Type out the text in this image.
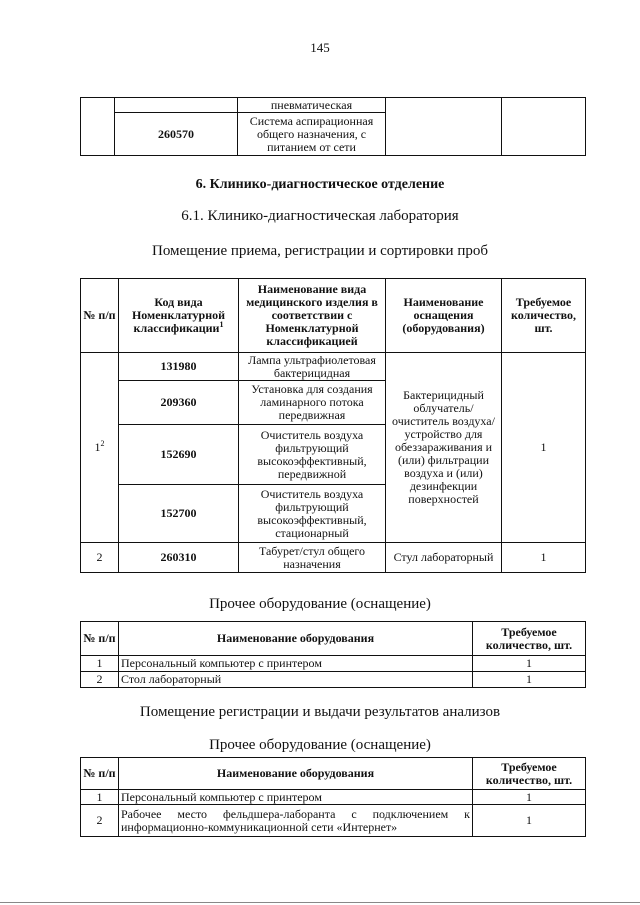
145
		пневматическая		
	260570	Система аспирационная общего назначения, с питанием от сети		
6. Клинико-диагностическое отделение
6.1. Клинико-диагностическая лаборатория
Помещение приема, регистрации и сортировки проб
№ п/п	Код вида Номенклатурной классификации$^1$	Наименование вида медицинского изделия в соответствии с Номенклатурной классификацией	Наименование оснащения (оборудования)	Требуемое количество, шт.
$1^2$	131980	Лампа ультрафиолетовая бактерицидная	Бактерицидный облучатель/ очиститель воздуха/ устройство для обеззараживания и (или) фильтрации воздуха и (или) дезинфекции поверхностей	1
	209360	Установка для создания ламинарного потока передвижная		
	152690	Очиститель воздуха фильтрующий высокоэффективный, передвижной		
	152700	Очиститель воздуха фильтрующий высокоэффективный, стационарный		
2	260310	Табурет/стул общего назначения	Стул лабораторный	1
Прочее оборудование (оснащение)
№ п/п	Наименование оборудования	Требуемое количество, шт.
1	Персональный компьютер с принтером	1
2	Стол лабораторный	1
Помещение регистрации и выдачи результатов анализов
Прочее оборудование (оснащение)
№ п/п	Наименование оборудования	Требуемое количество, шт.
1	Персональный компьютер с принтером	1
2	Рабочее место фельдшера-лаборанта с подключением к информационно-коммуникационной сети «Интернет»	1
